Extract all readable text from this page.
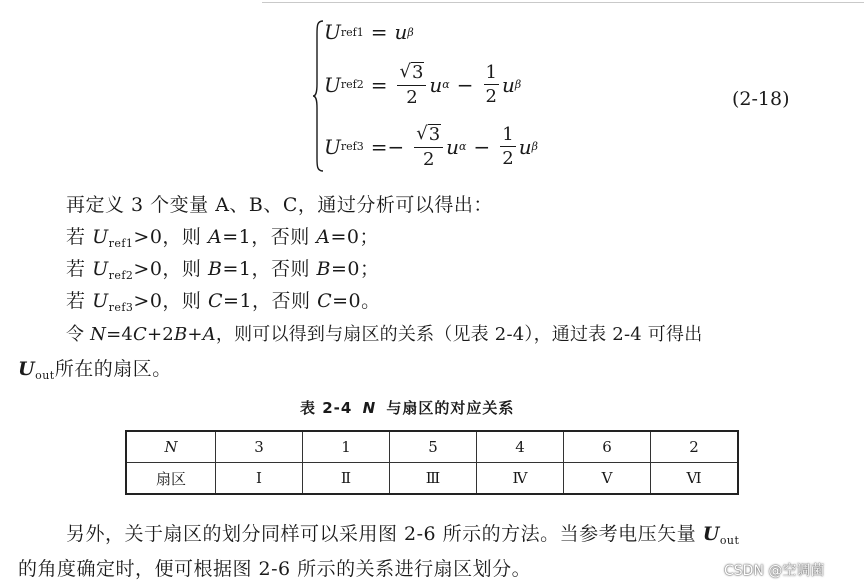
U ref1 = u β
U $ref2 = \frac{√ 3}{2}$ u $\alpha - \frac{1}{2}$ u β
U $ref3 =- \frac{√ 3}{2}$ u $\alpha - \frac{1}{2}$ u β
(2-18)
再定义 3 个变量 A、B、C，通过分析可以得出：
若 $U_{ref1}>0$，则 A=1，否则 A=0；
若 $U_{ref2}>0$，则 B=1，否则 B=0；
若 $U_{ref3}>0$，则 C=1，否则 C=0。
令 N=4C+2B+A，则可以得到与扇区的关系（见表 2-4），通过表 2-4 可得出
$U_{out}$所在的扇区。
表 2-4 N 与扇区的对应关系
N	3	1	5	4	6	2
扇区	Ⅰ	Ⅱ	Ⅲ	Ⅳ	Ⅴ	Ⅵ
另外，关于扇区的划分同样可以采用图 2-6 所示的方法。当参考电压矢量 $U_{out}$
的角度确定时，便可根据图 2-6 所示的关系进行扇区划分。	CSDN @空调菌
